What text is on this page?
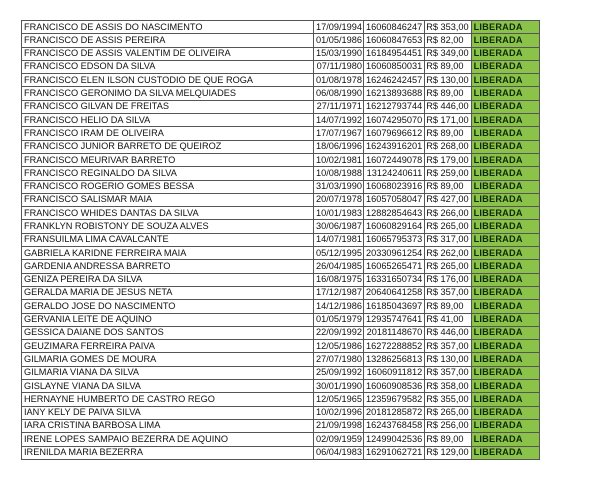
FRANCISCO DE ASSIS DO NASCIMENTO	17/09/1994	16060846247	R$ 353,00	LIBERADA
FRANCISCO DE ASSIS PEREIRA	01/05/1986	16060847653	R$ 82,00	LIBERADA
FRANCISCO DE ASSIS VALENTIM DE OLIVEIRA	15/03/1990	16184954451	R$ 349,00	LIBERADA
FRANCISCO EDSON DA SILVA	07/11/1980	16060850031	R$ 89,00	LIBERADA
FRANCISCO ELEN ILSON CUSTODIO DE QUE ROGA	01/08/1978	16246242457	R$ 130,00	LIBERADA
FRANCISCO GERONIMO DA SILVA MELQUIADES	06/08/1990	16213893688	R$ 89,00	LIBERADA
FRANCISCO GILVAN DE FREITAS	27/11/1971	16212793744	R$ 446,00	LIBERADA
FRANCISCO HELIO DA SILVA	14/07/1992	16074295070	R$ 171,00	LIBERADA
FRANCISCO IRAM DE OLIVEIRA	17/07/1967	16079696612	R$ 89,00	LIBERADA
FRANCISCO JUNIOR BARRETO DE QUEIROZ	18/06/1996	16243916201	R$ 268,00	LIBERADA
FRANCISCO MEURIVAR BARRETO	10/02/1981	16072449078	R$ 179,00	LIBERADA
FRANCISCO REGINALDO DA SILVA	10/08/1988	13124240611	R$ 259,00	LIBERADA
FRANCISCO ROGERIO GOMES BESSA	31/03/1990	16068023916	R$ 89,00	LIBERADA
FRANCISCO SALISMAR MAIA	20/07/1978	16057058047	R$ 427,00	LIBERADA
FRANCISCO WHIDES DANTAS DA SILVA	10/01/1983	12882854643	R$ 266,00	LIBERADA
FRANKLYN ROBISTONY DE SOUZA ALVES	30/06/1987	16060829164	R$ 265,00	LIBERADA
FRANSUILMA LIMA CAVALCANTE	14/07/1981	16065795373	R$ 317,00	LIBERADA
GABRIELA KARIDNE FERREIRA MAIA	05/12/1995	20330961254	R$ 262,00	LIBERADA
GARDENIA ANDRESSA BARRETO	26/04/1985	16065265471	R$ 265,00	LIBERADA
GENIZA PEREIRA DA SILVA	16/08/1975	16331650734	R$ 176,00	LIBERADA
GERALDA MARIA DE JESUS NETA	17/12/1987	20640641258	R$ 357,00	LIBERADA
GERALDO JOSE DO NASCIMENTO	14/12/1986	16185043697	R$ 89,00	LIBERADA
GERVANIA LEITE DE AQUINO	01/05/1979	12935747641	R$ 41,00	LIBERADA
GESSICA DAIANE DOS SANTOS	22/09/1992	20181148670	R$ 446,00	LIBERADA
GEUZIMARA FERREIRA PAIVA	12/05/1986	16272288852	R$ 357,00	LIBERADA
GILMARIA GOMES DE MOURA	27/07/1980	13286256813	R$ 130,00	LIBERADA
GILMARIA VIANA DA SILVA	25/09/1992	16060911812	R$ 357,00	LIBERADA
GISLAYNE VIANA DA SILVA	30/01/1990	16060908536	R$ 358,00	LIBERADA
HERNAYNE HUMBERTO DE CASTRO REGO	12/05/1965	12359679582	R$ 355,00	LIBERADA
IANY KELY DE PAIVA SILVA	10/02/1996	20181285872	R$ 265,00	LIBERADA
IARA CRISTINA BARBOSA LIMA	21/09/1998	16243768458	R$ 256,00	LIBERADA
IRENE LOPES SAMPAIO BEZERRA DE AQUINO	02/09/1959	12499042536	R$ 89,00	LIBERADA
IRENILDA MARIA BEZERRA	06/04/1983	16291062721	R$ 129,00	LIBERADA
